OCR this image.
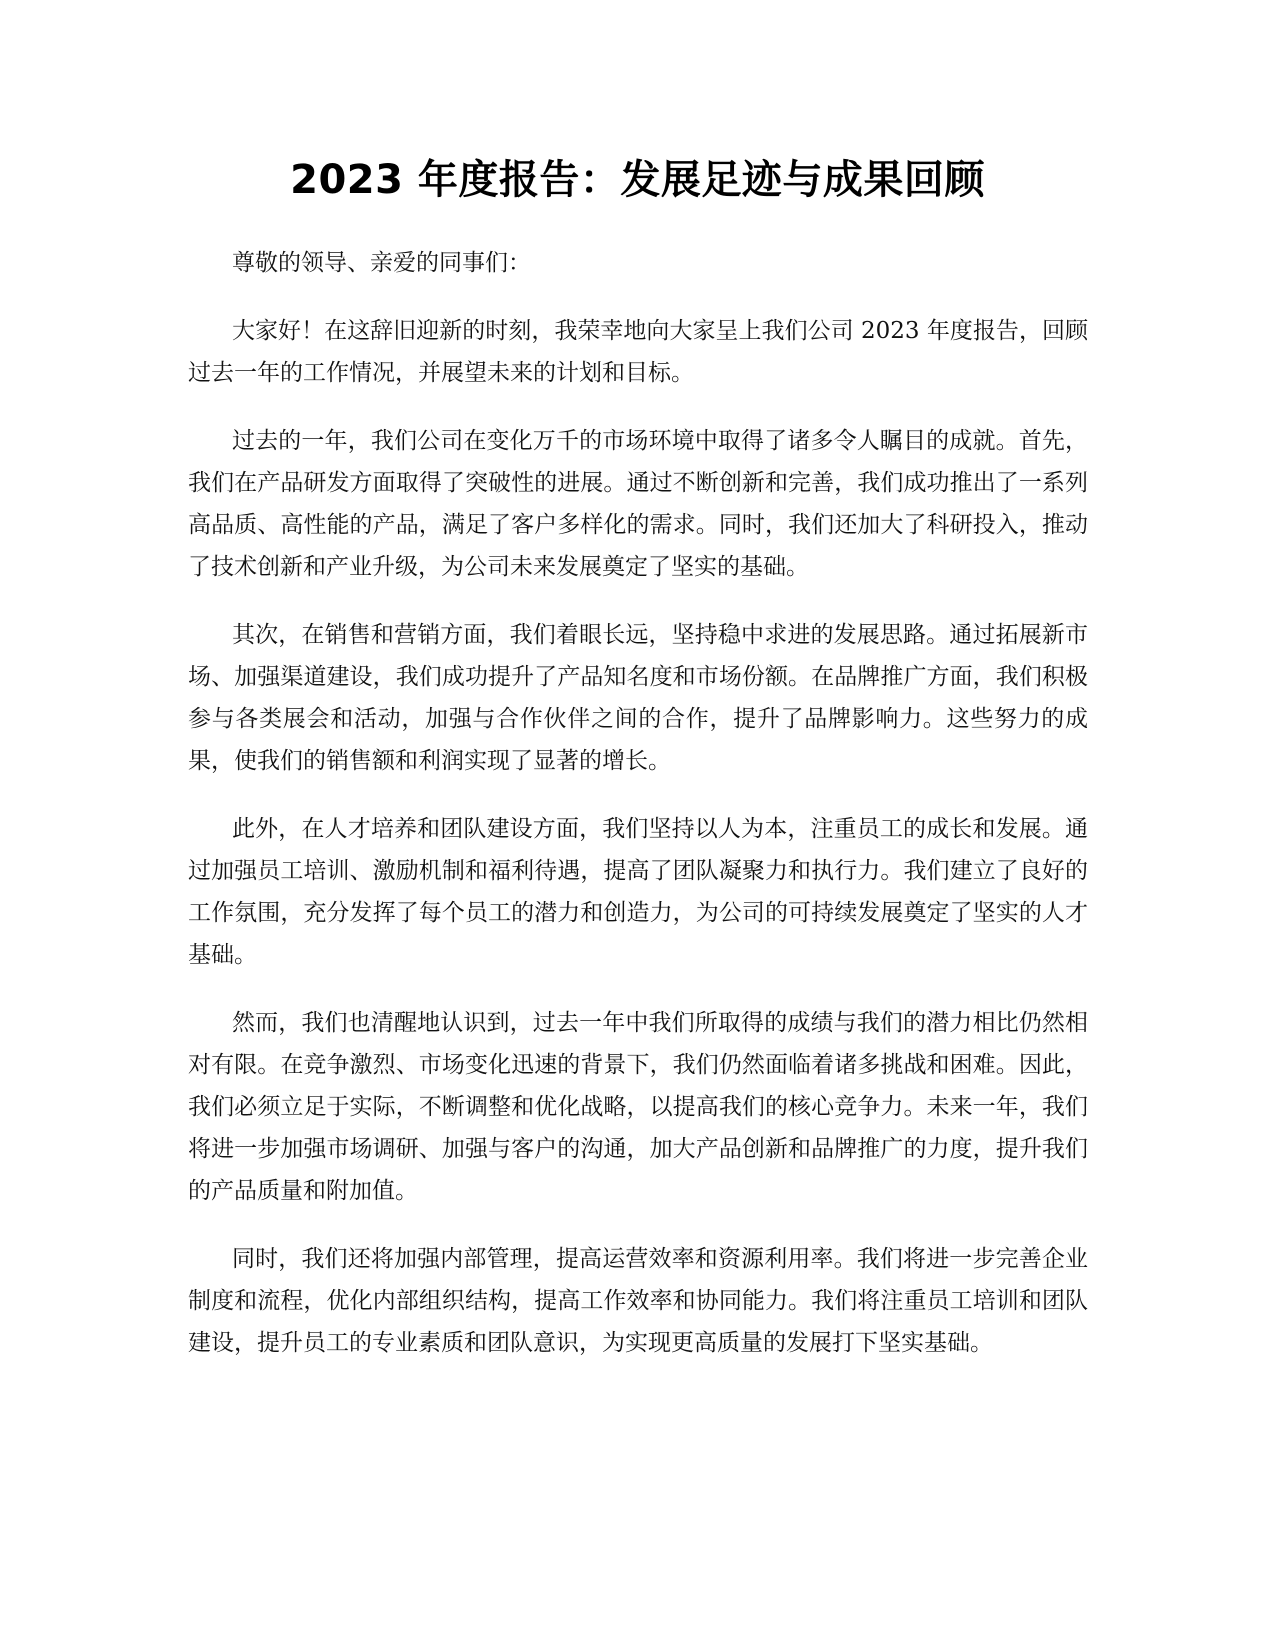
2023 年度报告：发展足迹与成果回顾

尊敬的领导、亲爱的同事们：

大家好！在这辞旧迎新的时刻，我荣幸地向大家呈上我们公司 2023 年度报告，回顾过去一年的工作情况，并展望未来的计划和目标。

过去的一年，我们公司在变化万千的市场环境中取得了诸多令人瞩目的成就。首先，我们在产品研发方面取得了突破性的进展。通过不断创新和完善，我们成功推出了一系列高品质、高性能的产品，满足了客户多样化的需求。同时，我们还加大了科研投入，推动了技术创新和产业升级，为公司未来发展奠定了坚实的基础。

其次，在销售和营销方面，我们着眼长远，坚持稳中求进的发展思路。通过拓展新市场、加强渠道建设，我们成功提升了产品知名度和市场份额。在品牌推广方面，我们积极参与各类展会和活动，加强与合作伙伴之间的合作，提升了品牌影响力。这些努力的成果，使我们的销售额和利润实现了显著的增长。

此外，在人才培养和团队建设方面，我们坚持以人为本，注重员工的成长和发展。通过加强员工培训、激励机制和福利待遇，提高了团队凝聚力和执行力。我们建立了良好的工作氛围，充分发挥了每个员工的潜力和创造力，为公司的可持续发展奠定了坚实的人才基础。

然而，我们也清醒地认识到，过去一年中我们所取得的成绩与我们的潜力相比仍然相对有限。在竞争激烈、市场变化迅速的背景下，我们仍然面临着诸多挑战和困难。因此，我们必须立足于实际，不断调整和优化战略，以提高我们的核心竞争力。未来一年，我们将进一步加强市场调研、加强与客户的沟通，加大产品创新和品牌推广的力度，提升我们的产品质量和附加值。

同时，我们还将加强内部管理，提高运营效率和资源利用率。我们将进一步完善企业制度和流程，优化内部组织结构，提高工作效率和协同能力。我们将注重员工培训和团队建设，提升员工的专业素质和团队意识，为实现更高质量的发展打下坚实基础。
